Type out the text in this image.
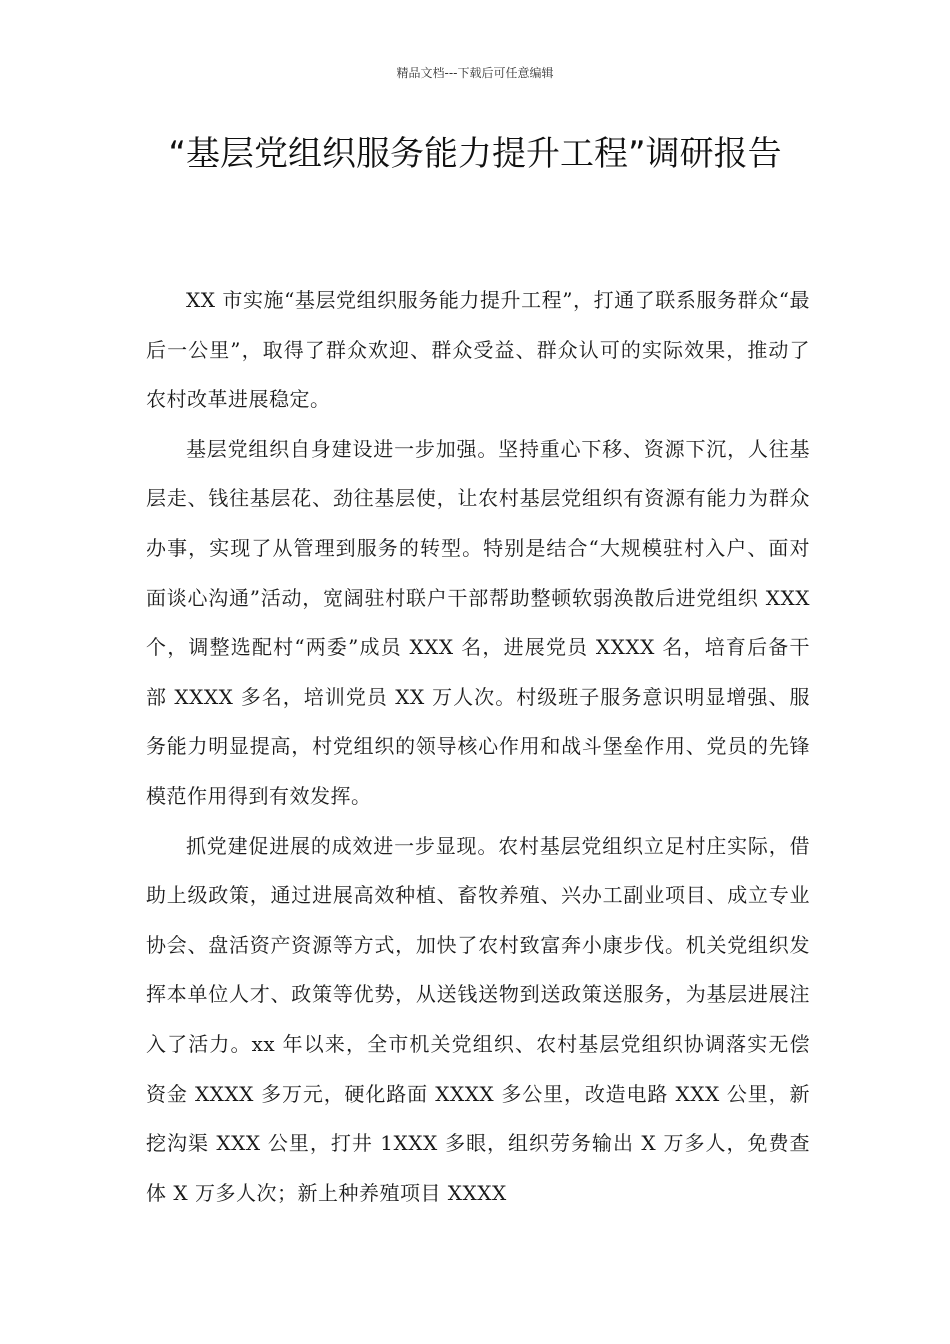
精品文档---下载后可任意编辑
“基层党组织服务能力提升工程”调研报告

XX 市实施“基层党组织服务能力提升工程”，打通了联系服务群众“最后一公里”，取得了群众欢迎、群众受益、群众认可的实际效果，推动了农村改革进展稳定。

基层党组织自身建设进一步加强。坚持重心下移、资源下沉，人往基层走、钱往基层花、劲往基层使，让农村基层党组织有资源有能力为群众办事，实现了从管理到服务的转型。特别是结合“大规模驻村入户、面对面谈心沟通”活动，宽阔驻村联户干部帮助整顿软弱涣散后进党组织 XXX 个，调整选配村“两委”成员 XXX 名，进展党员 XXXX 名，培育后备干部 XXXX 多名，培训党员 XX 万人次。村级班子服务意识明显增强、服务能力明显提高，村党组织的领导核心作用和战斗堡垒作用、党员的先锋模范作用得到有效发挥。

抓党建促进展的成效进一步显现。农村基层党组织立足村庄实际，借助上级政策，通过进展高效种植、畜牧养殖、兴办工副业项目、成立专业协会、盘活资产资源等方式，加快了农村致富奔小康步伐。机关党组织发挥本单位人才、政策等优势，从送钱送物到送政策送服务，为基层进展注入了活力。xx 年以来，全市机关党组织、农村基层党组织协调落实无偿资金 XXXX 多万元，硬化路面 XXXX 多公里，改造电路 XXX 公里，新挖沟渠 XXX 公里，打井 1XXX 多眼，组织劳务输出 X 万多人，免费查体 X 万多人次；新上种养殖项目 XXXX
